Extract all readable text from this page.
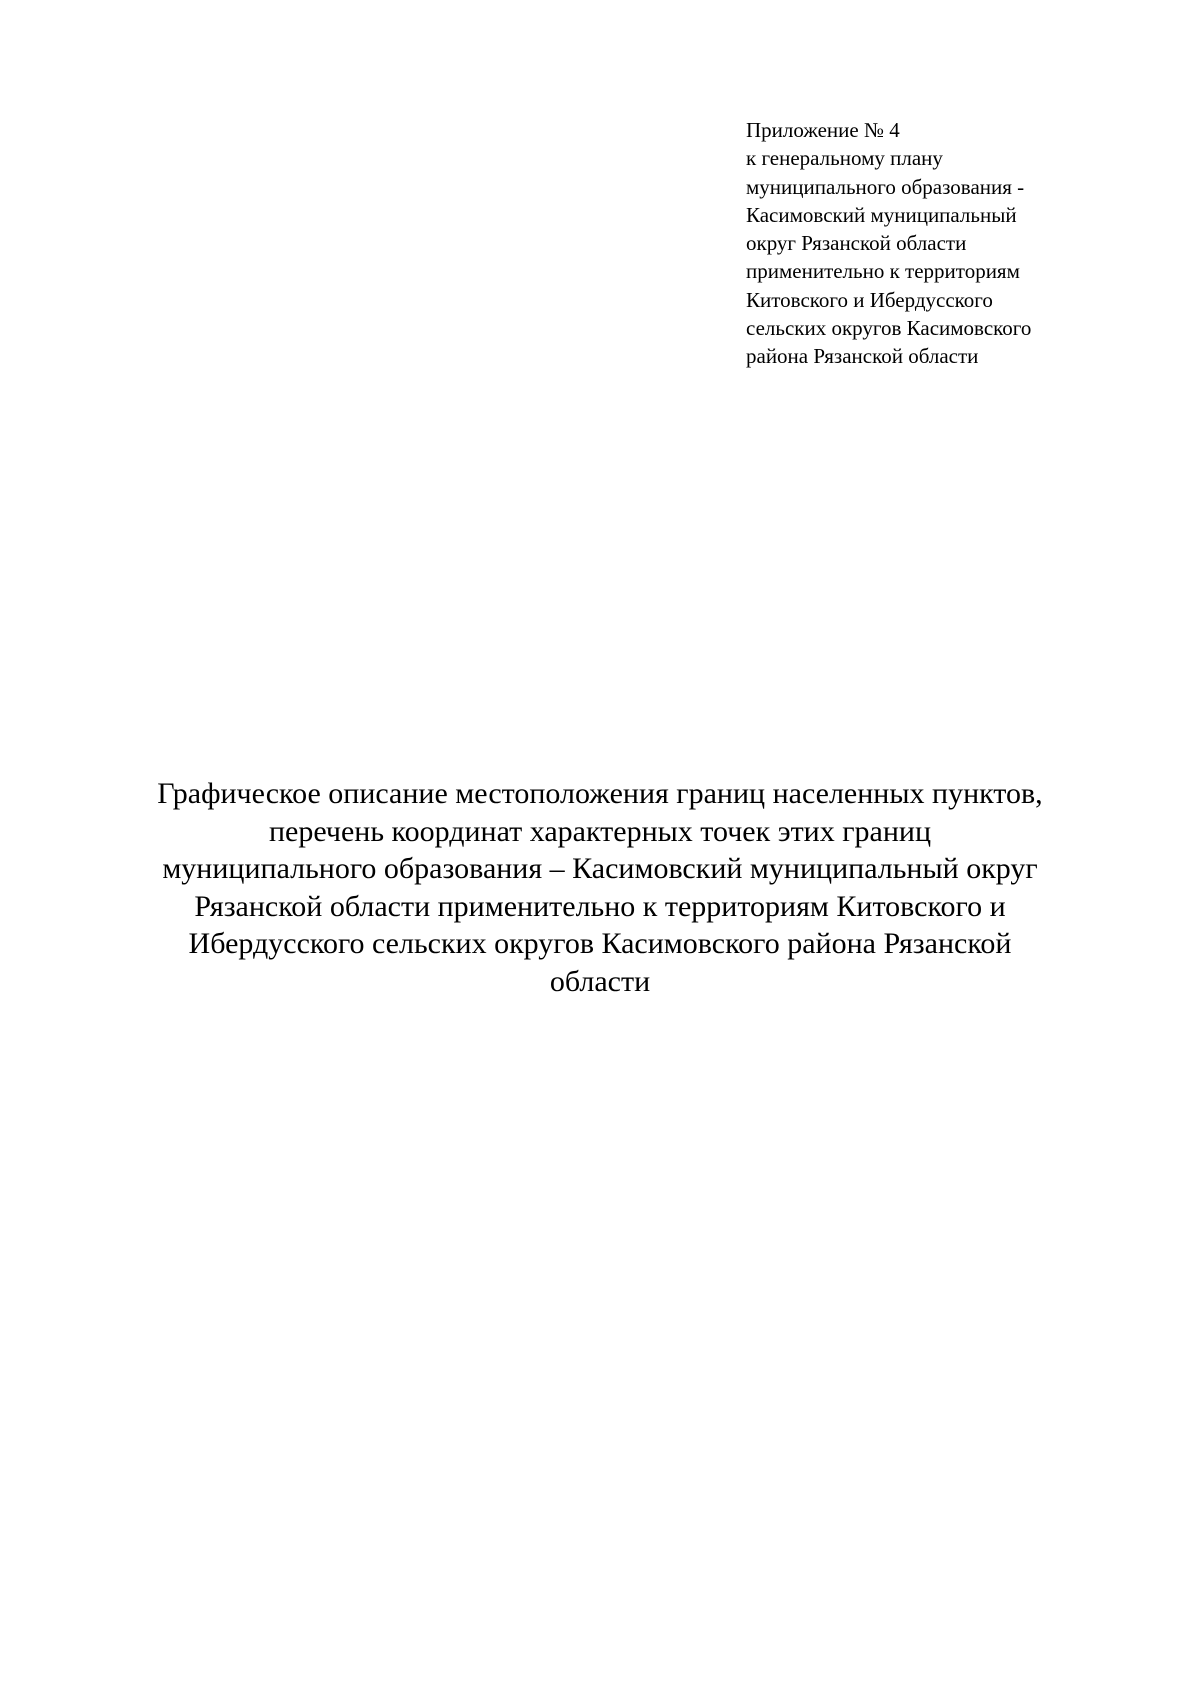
Приложение № 4
к генеральному плану
муниципального образования -
Касимовский муниципальный
округ Рязанской области
применительно к территориям
Китовского и Ибердусского
сельских округов Касимовского
района Рязанской области
Графическое описание местоположения границ населенных пунктов,
перечень координат характерных точек этих границ
муниципального образования – Касимовский муниципальный округ
Рязанской области применительно к территориям Китовского и
Ибердусского сельских округов Касимовского района Рязанской
области
